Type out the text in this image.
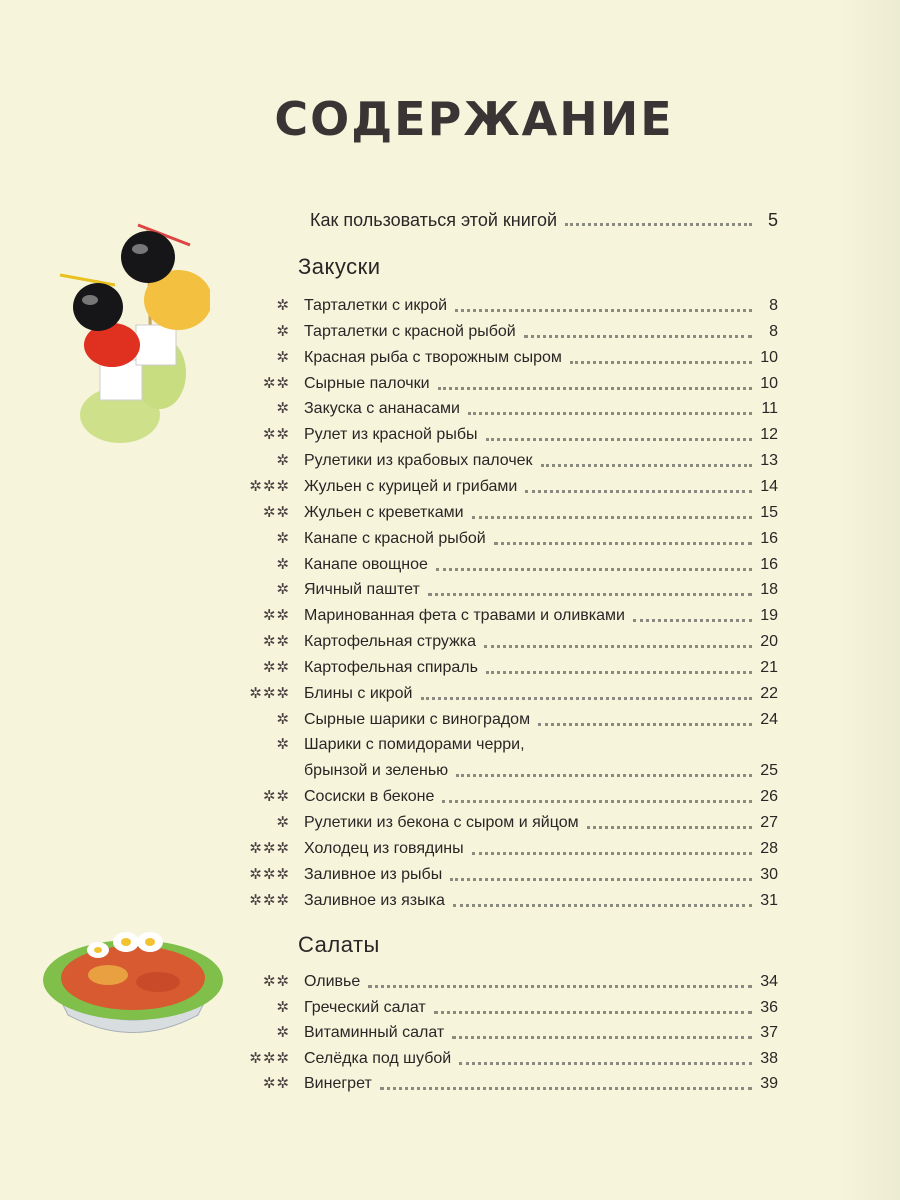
СОДЕРЖАНИЕ
Как пользоваться этой книгой	5
Закуски
✲ Тарталетки с икрой	8
✲ Тарталетки с красной рыбой	8
✲ Красная рыба с творожным сыром	10
✲✲ Сырные палочки	10
✲ Закуска с ананасами	11
✲✲ Рулет из красной рыбы	12
✲ Рулетики из крабовых палочек	13
✲✲✲ Жульен с курицей и грибами	14
✲✲ Жульен с креветками	15
✲ Канапе с красной рыбой	16
✲ Канапе овощное	16
✲ Яичный паштет	18
✲✲ Маринованная фета с травами и оливками	19
✲✲ Картофельная стружка	20
✲✲ Картофельная спираль	21
✲✲✲ Блины с икрой	22
✲ Сырные шарики с виноградом	24
✲ Шарики с помидорами черри,
брынзой и зеленью	25
✲✲ Сосиски в беконе	26
✲ Рулетики из бекона с сыром и яйцом	27
✲✲✲ Холодец из говядины	28
✲✲✲ Заливное из рыбы	30
✲✲✲ Заливное из языка	31
Салаты
✲✲ Оливье	34
✲ Греческий салат	36
✲ Витаминный салат	37
✲✲✲ Селёдка под шубой	38
✲✲ Винегрет	39
